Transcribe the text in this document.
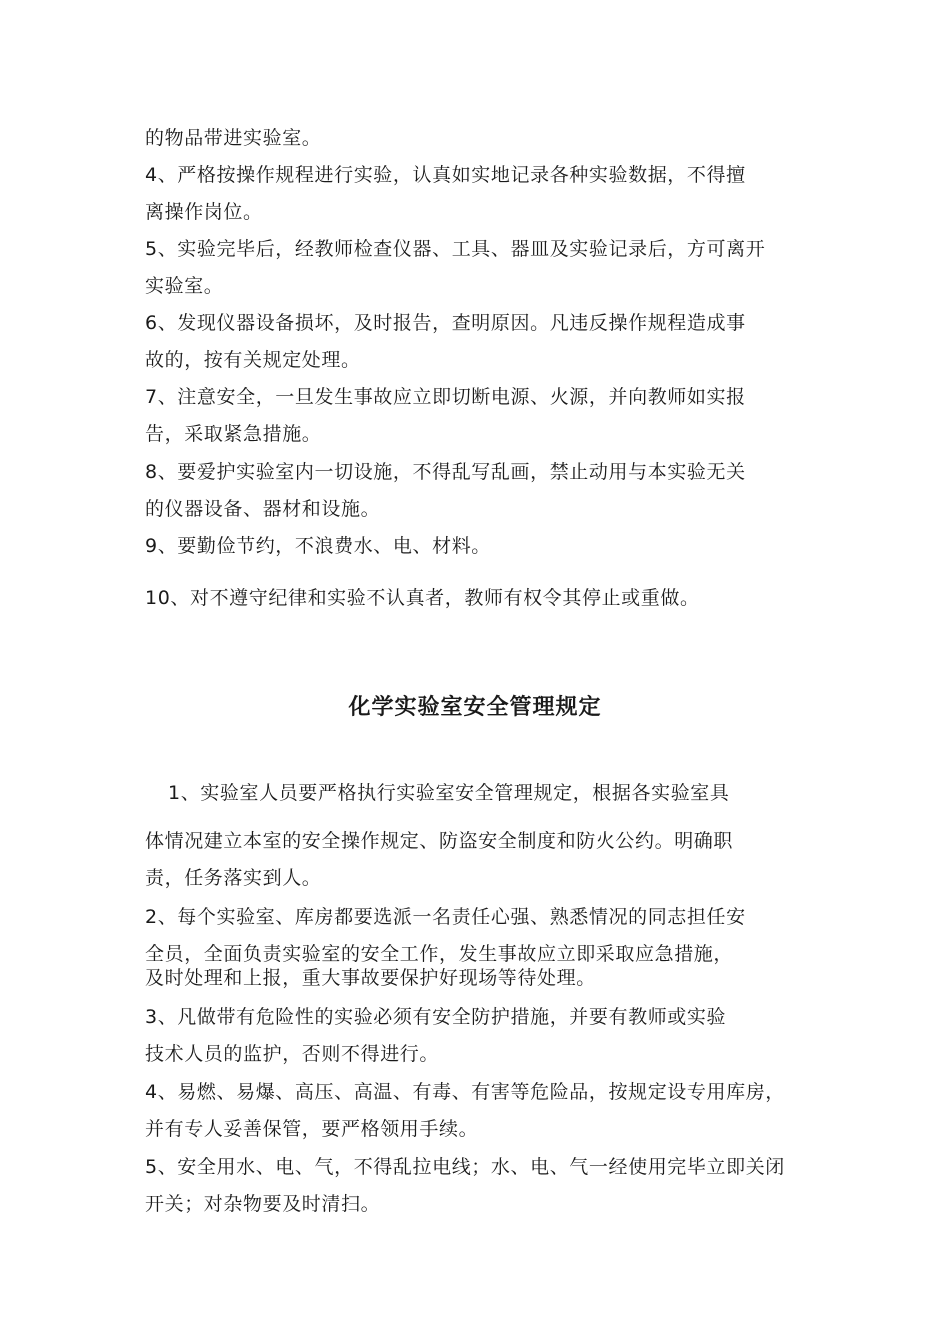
的物品带进实验室。
4、严格按操作规程进行实验，认真如实地记录各种实验数据，不得擅
离操作岗位。
5、实验完毕后，经教师检查仪器、工具、器皿及实验记录后，方可离开
实验室。
6、发现仪器设备损坏，及时报告，查明原因。凡违反操作规程造成事
故的，按有关规定处理。
7、注意安全，一旦发生事故应立即切断电源、火源，并向教师如实报
告，采取紧急措施。
8、要爱护实验室内一切设施，不得乱写乱画，禁止动用与本实验无关
的仪器设备、器材和设施。
9、要勤俭节约，不浪费水、电、材料。
10、对不遵守纪律和实验不认真者，教师有权令其停止或重做。
化学实验室安全管理规定
1、实验室人员要严格执行实验室安全管理规定，根据各实验室具
体情况建立本室的安全操作规定、防盗安全制度和防火公约。明确职
责，任务落实到人。
2、每个实验室、库房都要选派一名责任心强、熟悉情况的同志担任安
全员，全面负责实验室的安全工作，发生事故应立即采取应急措施，
及时处理和上报，重大事故要保护好现场等待处理。
3、凡做带有危险性的实验必须有安全防护措施，并要有教师或实验
技术人员的监护，否则不得进行。
4、易燃、易爆、高压、高温、有毒、有害等危险品，按规定设专用库房，
并有专人妥善保管，要严格领用手续。
5、安全用水、电、气，不得乱拉电线；水、电、气一经使用完毕立即关闭
开关；对杂物要及时清扫。
